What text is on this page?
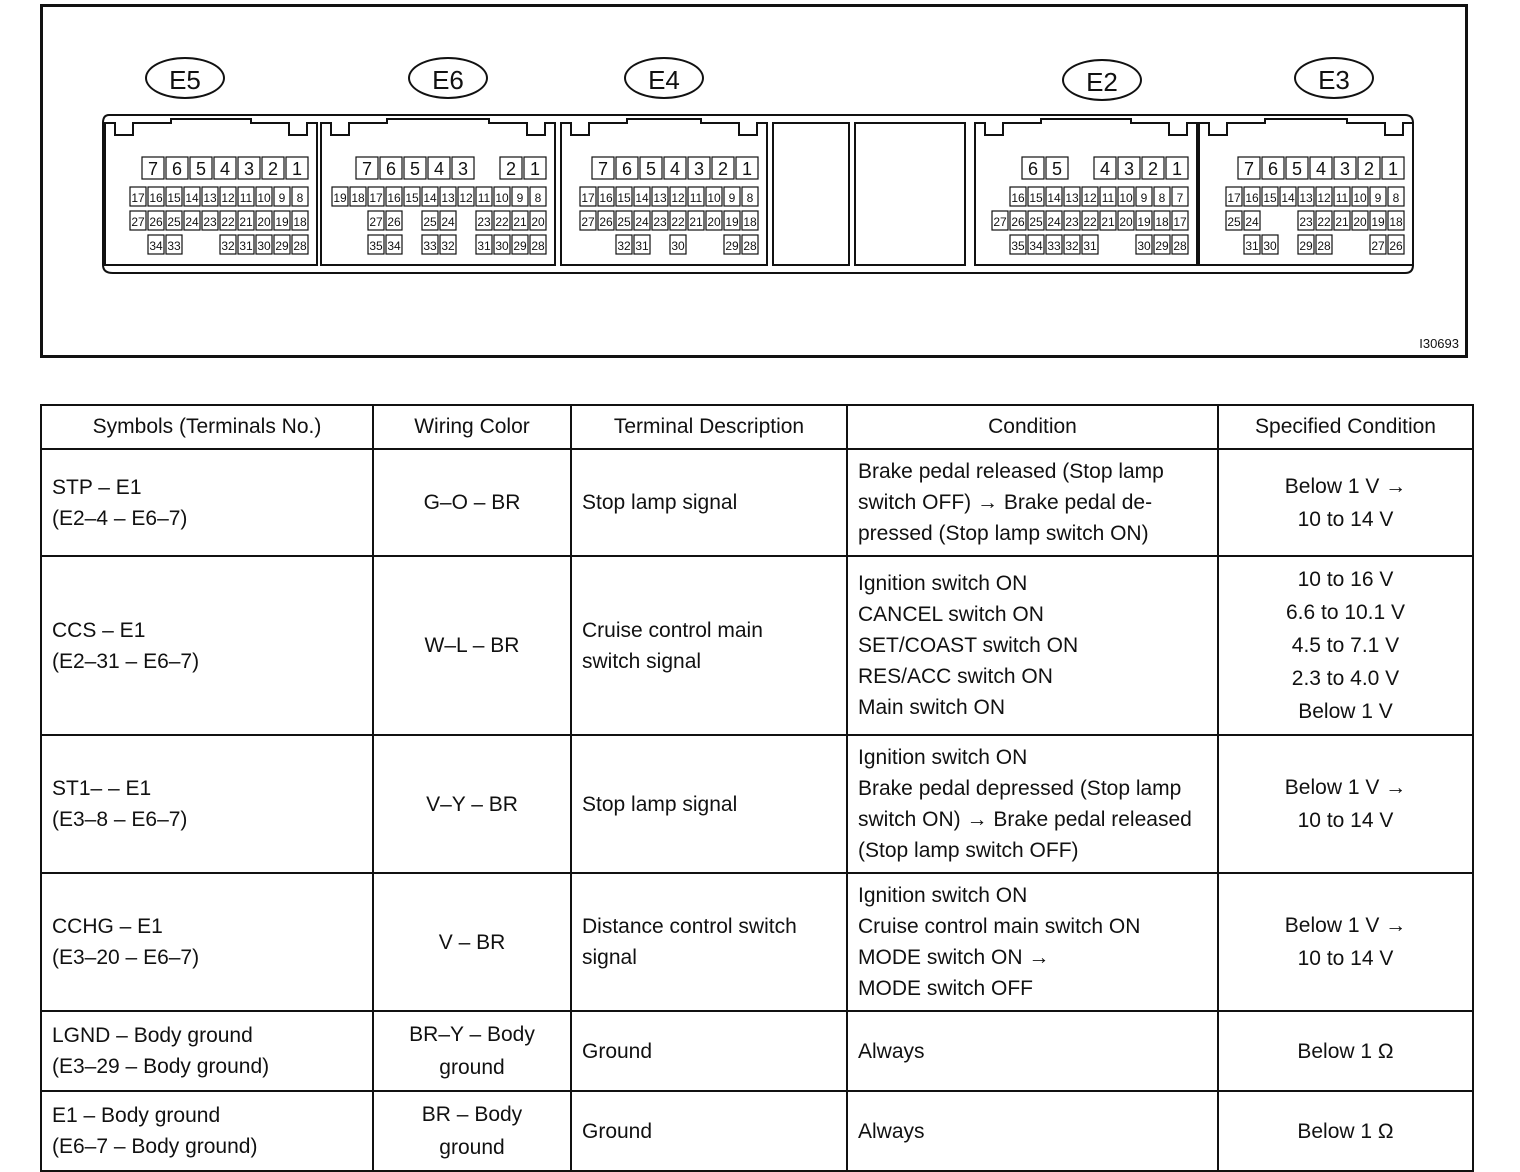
7 6 5 4 3 2 1
17 16 15 14 13 12 11 10 9 8
27 26 25 24 23 22 21 20 19 18
34 33	32 31 30 29 28
7 6 5 4 3 2 1
19 18 17 16 15 14 13 12 11 10 9 8
27 26 25 24 23 22 21 20
35 34 33 32 31 30 29 28
7 6 5 4 3 2 1
17 16 15 14 13 12 11 10 9 8
27 26 25 24 23 22 21 20 19 18
32 31 30	29 28
6 5 4 3 2 1
16 15 14 13 12 11 10 9 8 7
27 26 25 24 23 22 21 20 19 18 17
35 34 33 32 31	30 29 28
7 6 5 4 3 2 1
17 16 15 14 13 12 11 10 9 8
25 24	23 22 21 20 19 18
31 30 29 28	27 26
E5	E6	E4	E2	E3
I30693
Symbols (Terminals No.)	Wiring Color	Terminal Description	Condition	Specified Condition

STP – E1
(E2–4 – E6–7)	G–O – BR	Stop lamp signal	Brake pedal released (Stop lamp
switch OFF) → Brake pedal de-
pressed (Stop lamp switch ON)	Below 1 V →
10 to 14 V

CCS – E1
(E2–31 – E6–7)	W–L – BR	Cruise control main
switch signal	Ignition switch ON
CANCEL switch ON
SET/COAST switch ON
RES/ACC switch ON
Main switch ON	10 to 16 V
6.6 to 10.1 V
4.5 to 7.1 V
2.3 to 4.0 V
Below 1 V

ST1– – E1
(E3–8 – E6–7)	V–Y – BR	Stop lamp signal	Ignition switch ON
Brake pedal depressed (Stop lamp
switch ON) → Brake pedal released
(Stop lamp switch OFF)	Below 1 V →
10 to 14 V

CCHG – E1
(E3–20 – E6–7)	V – BR	Distance control switch
signal	Ignition switch ON
Cruise control main switch ON
MODE switch ON →
MODE switch OFF	Below 1 V →
10 to 14 V

LGND – Body ground
(E3–29 – Body ground)	BR–Y – Body
ground	Ground	Always	Below 1 Ω

E1 – Body ground
(E6–7 – Body ground)	BR – Body
ground	Ground	Always	Below 1 Ω
